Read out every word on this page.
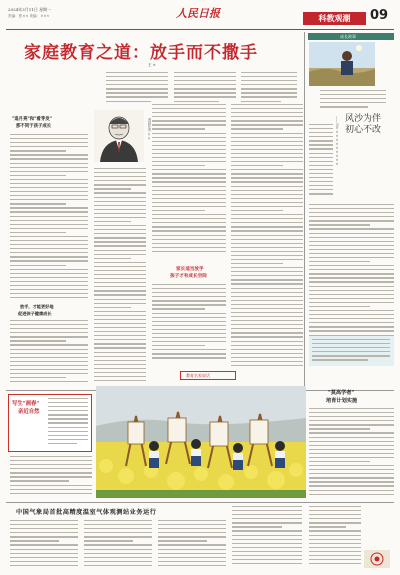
2024年3月11日 星期一
责编：张×× 美编：×××	人民日报	科教观潮	09
家庭教育之道：放手而不撒手
王 ×
"追月亮"和"看芽发"
那不同于孩子成长	漫画作者 ××
放手，才能更好地
促进孩子健康成长
家长适当放手
孩子才有成长空间
教育名家说话
成长故事
风沙为伴 初心不改
——记××××××××××
写生"画春"
亲近自然
"莫高学者"
培育计划实施
中国气象局首批高精度温室气体观测站业务运行
